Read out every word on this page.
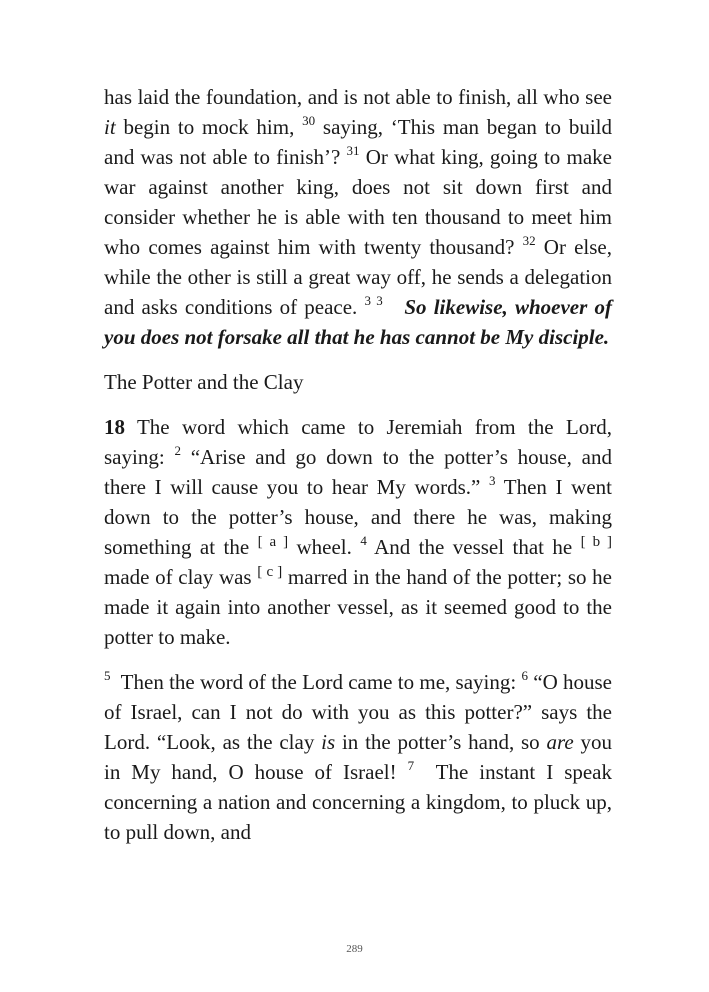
has laid the foundation, and is not able to finish, all who see it begin to mock him, $^{30}$ saying, ‘This man began to build and was not able to finish’? $^{31}$ Or what king, going to make war against another king, does not sit down first and consider whether he is able with ten thousand to meet him who comes against him with twenty thousand? $^{32}$ Or else, while the other is still a great way off, he sends a delegation and asks conditions of peace. $^{3 3}$ So likewise, whoever of you does not forsake all that he has cannot be My disciple.

The Potter and the Clay

18 The word which came to Jeremiah from the Lord, saying: $^2$ “Arise and go down to the potter’s house, and there I will cause you to hear My words.” $^3$ Then I went down to the potter’s house, and there he was, making something at the [ a ] wheel. $^4$ And the vessel that he [ b ] made of clay was [ c ] marred in the hand of the potter; so he made it again into another vessel, as it seemed good to the potter to make.

$^5$  Then the word of the Lord came to me, saying: $^6$ “O house of Israel, can I not do with you as this potter?” says the Lord. “Look, as the clay is in the potter’s hand, so are you in My hand, O house of Israel! $^7$  The instant I speak concerning a nation and concerning a kingdom, to pluck up, to pull down, and

289
